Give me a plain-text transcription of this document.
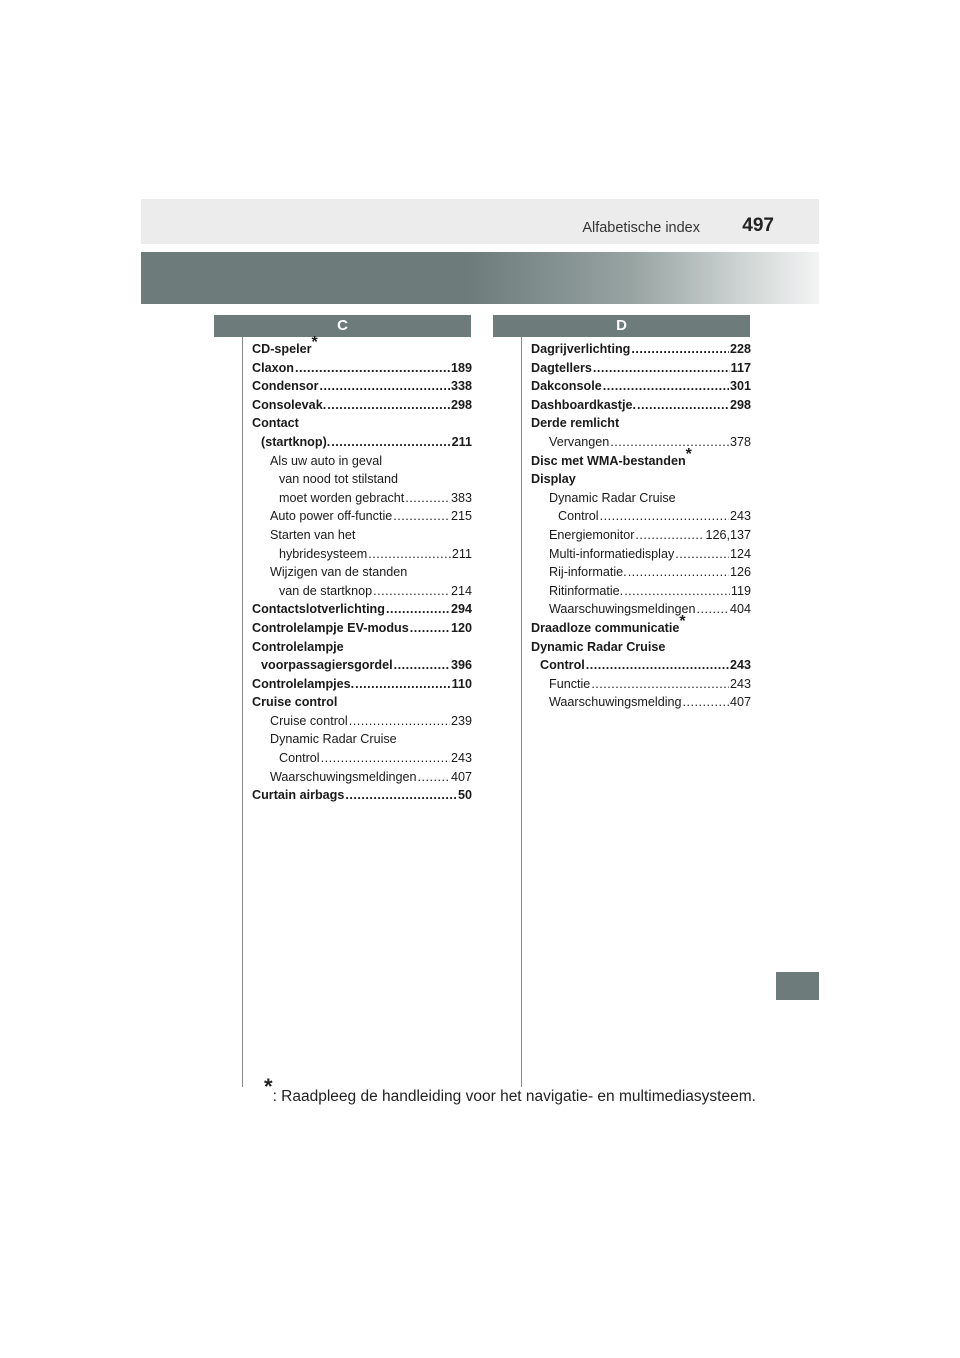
Alfabetische index 497
C	D
CD-speler*
Claxon .....	189
Condensor .....	338
Consolevak. .....	298
Contact
(startknop). .....	211
Als uw auto in geval
van nood tot stilstand
moet worden gebracht .....	383
Auto power off-functie .....	215
Starten van het
hybridesysteem .....	211
Wijzigen van de standen
van de startknop .....	214
Contactslotverlichting .....	294
Controlelampje EV-modus .....	120
Controlelampje
voorpassagiersgordel .....	396
Controlelampjes. .....	110
Cruise control
Cruise control .....	239
Dynamic Radar Cruise
Control .....	243
Waarschuwingsmeldingen .....	407
Curtain airbags .....	50
Dagrijverlichting .....	228
Dagtellers .....	117
Dakconsole .....	301
Dashboardkastje. .....	298
Derde remlicht
Vervangen .....	378
Disc met WMA-bestanden*
Display
Dynamic Radar Cruise
Control .....	243
Energiemonitor .....	126,137
Multi-informatiedisplay .....	124
Rij-informatie. .....	126
Ritinformatie. .....	119
Waarschuwingsmeldingen .....	404
Draadloze communicatie*
Dynamic Radar Cruise
Control .....	243
Functie .....	243
Waarschuwingsmelding .....	407
*: Raadpleeg de handleiding voor het navigatie- en multimediasysteem.
